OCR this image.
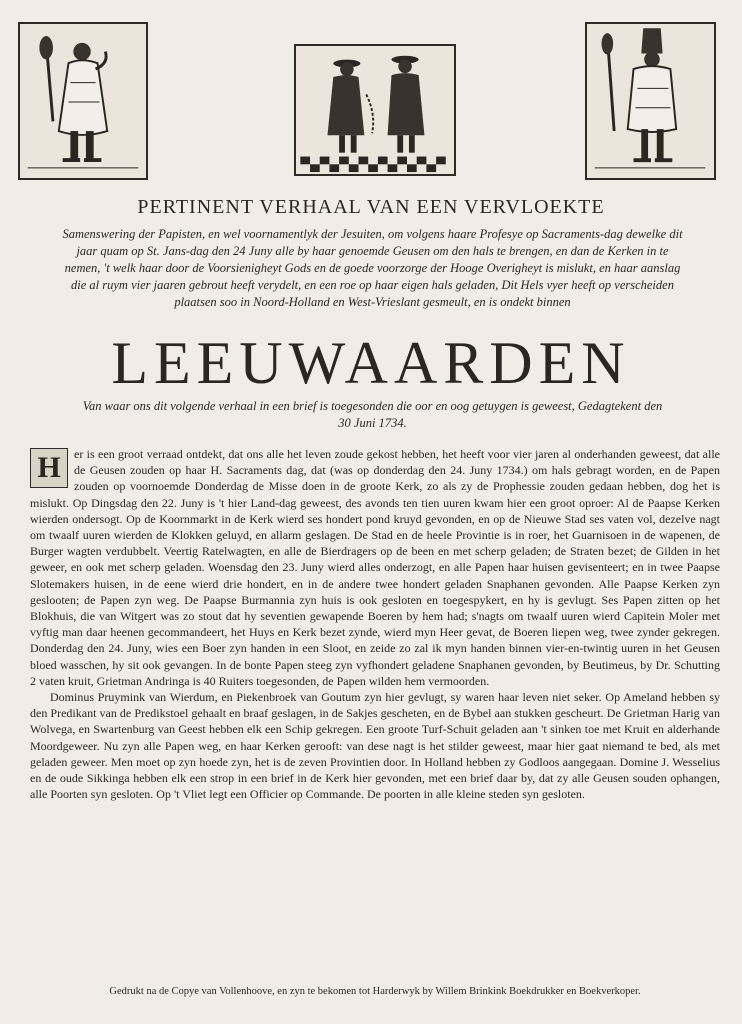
PERTINENT VERHAAL VAN EEN VERVLOEKTE
Samenswering der Papisten, en wel voornamentlyk der Jesuiten, om volgens haare Profesye op Sacraments-dag dewelke dit jaar quam op St. Jans-dag den 24 Juny alle by haar genoemde Geusen om den hals te brengen, en dan de Kerken in te nemen, 't welk haar door de Voorsienigheyt Gods en de goede voorzorge der Hooge Overigheyt is mislukt, en haar aanslag die al ruym vier jaaren gebrout heeft verydelt, en een roe op haar eigen hals geladen, Dit Hels vyer heeft op verscheiden plaatsen soo in Noord-Holland en West-Vrieslant gesmeult, en is ondekt binnen
LEEUWAARDEN
Van waar ons dit volgende verhaal in een brief is toegesonden die oor en oog getuygen is geweest, Gedagtekent den 30 Juni 1734.

H	er is een groot verraad ontdekt, dat ons alle het leven zoude gekost hebben, het heeft voor vier jaren al onderhanden geweest, dat alle de Geusen zouden op haar H. Sacraments dag, dat (was op donderdag den 24. Juny 1734.) om hals gebragt worden, en de Papen zouden op voornoemde Donderdag de Misse doen in de groote Kerk, zo als zy de Prophessie zouden gedaan hebben, dog het is mislukt. Op Dingsdag den 22. Juny is 't hier Land-dag geweest, des avonds ten tien uuren kwam hier een groot oproer: Al de Paapse Kerken wierden ondersogt. Op de Koornmarkt in de Kerk wierd ses hondert pond kruyd gevonden, en op de Nieuwe Stad ses vaten vol, dezelve nagt om twaalf uuren wierden de Klokken geluyd, en allarm geslagen. De Stad en de heele Provintie is in roer, het Guarnisoen in de wapenen, de Burger wagten verdubbelt. Veertig Ratelwagten, en alle de Bierdragers op de been en met scherp geladen; de Straten bezet; de Gilden in het geweer, en ook met scherp geladen. Woensdag den 23. Juny wierd alles onderzogt, en alle Papen haar huisen gevisenteert; en in twee Paapse Slotemakers huisen, in de eene wierd drie hondert, en in de andere twee hondert geladen Snaphanen gevonden. Alle Paapse Kerken zyn geslooten; de Papen zyn weg. De Paapse Burmannia zyn huis is ook gesloten en toegespykert, en hy is gevlugt. Ses Papen zitten op het Blokhuis, die van Witgert was zo stout dat hy seventien gewapende Boeren by hem had; s'nagts om twaalf uuren wierd Capitein Moler met vyftig man daar heenen gecommandeert, het Huys en Kerk bezet zynde, wierd myn Heer gevat, de Boeren liepen weg, twee zynder gekregen. Donderdag den 24. Juny, wies een Boer zyn handen in een Sloot, en zeide zo zal ik myn handen binnen vier-en-twintig uuren in het Geusen bloed wasschen, hy sit ook gevangen. In de bonte Papen steeg zyn vyfhondert geladene Snaphanen gevonden, by Beutimeus, by Dr. Schutting 2 vaten kruit, Grietman Andringa is 40 Ruiters toegesonden, de Papen wilden hem vermoorden.

Dominus Pruymink van Wierdum, en Piekenbroek van Goutum zyn hier gevlugt, sy waren haar leven niet seker. Op Ameland hebben sy den Predikant van de Predikstoel gehaalt en braaf geslagen, in de Sakjes gescheten, en de Bybel aan stukken gescheurt. De Grietman Harig van Wolvega, en Swartenburg van Geest hebben elk een Schip gekregen. Een groote Turf-Schuit geladen aan 't sinken toe met Kruit en alderhande Moordgeweer. Nu zyn alle Papen weg, en haar Kerken gerooft: van dese nagt is het stilder geweest, maar hier gaat niemand te bed, als met geladen geweer. Men moet op zyn hoede zyn, het is de zeven Provintien door. In Holland hebben zy Godloos aangegaan. Domine J. Wesselius en de oude Sikkinga hebben elk een strop in een brief in de Kerk hier gevonden, met een brief daar by, dat zy alle Geusen souden ophangen, alle Poorten syn gesloten. Op 't Vliet legt een Officier op Commande. De poorten in alle kleine steden syn gesloten.

Gedrukt na de Copye van Vollenhoove, en zyn te bekomen tot Harderwyk by Willem Brinkink Boekdrukker en Boekverkoper.
